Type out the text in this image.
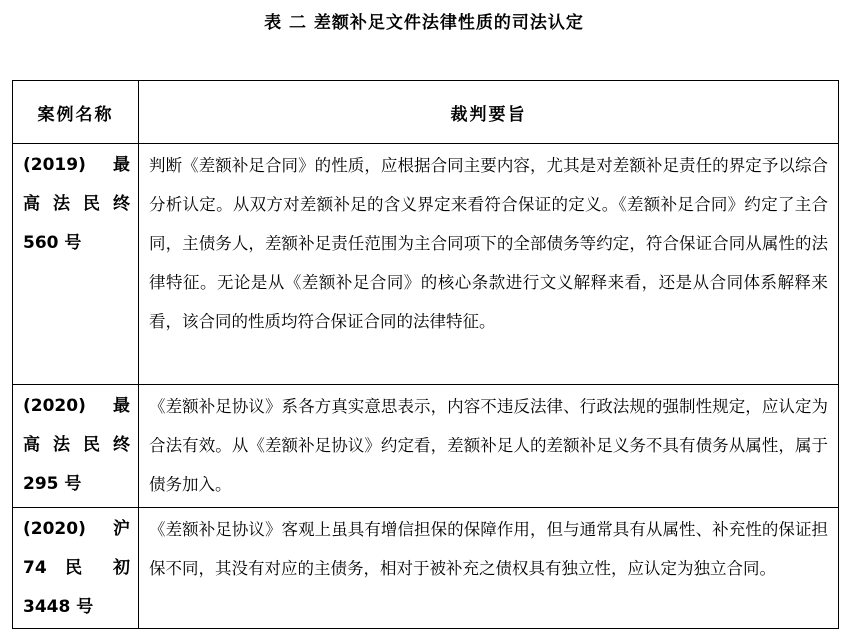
表 二 差额补足文件法律性质的司法认定
案例名称	裁判要旨

(2019) 最
高法民终
560 号	判断《差额补足合同》的性质，应根据合同主要内容，尤其是对差额补足责任的界定予以综合分析认定。从双方对差额补足的含义界定来看符合保证的定义。《差额补足合同》约定了主合同，主债务人，差额补足责任范围为主合同项下的全部债务等约定，符合保证合同从属性的法律特征。无论是从《差额补足合同》的核心条款进行文义解释来看，还是从合同体系解释来看，该合同的性质均符合保证合同的法律特征。

(2020) 最
高法民终
295 号	《差额补足协议》系各方真实意思表示，内容不违反法律、行政法规的强制性规定，应认定为合法有效。从《差额补足协议》约定看，差额补足人的差额补足义务不具有债务从属性，属于债务加入。

(2020) 沪
74 民 初
3448 号	《差额补足协议》客观上虽具有增信担保的保障作用，但与通常具有从属性、补充性的保证担保不同，其没有对应的主债务，相对于被补充之债权具有独立性，应认定为独立合同。
